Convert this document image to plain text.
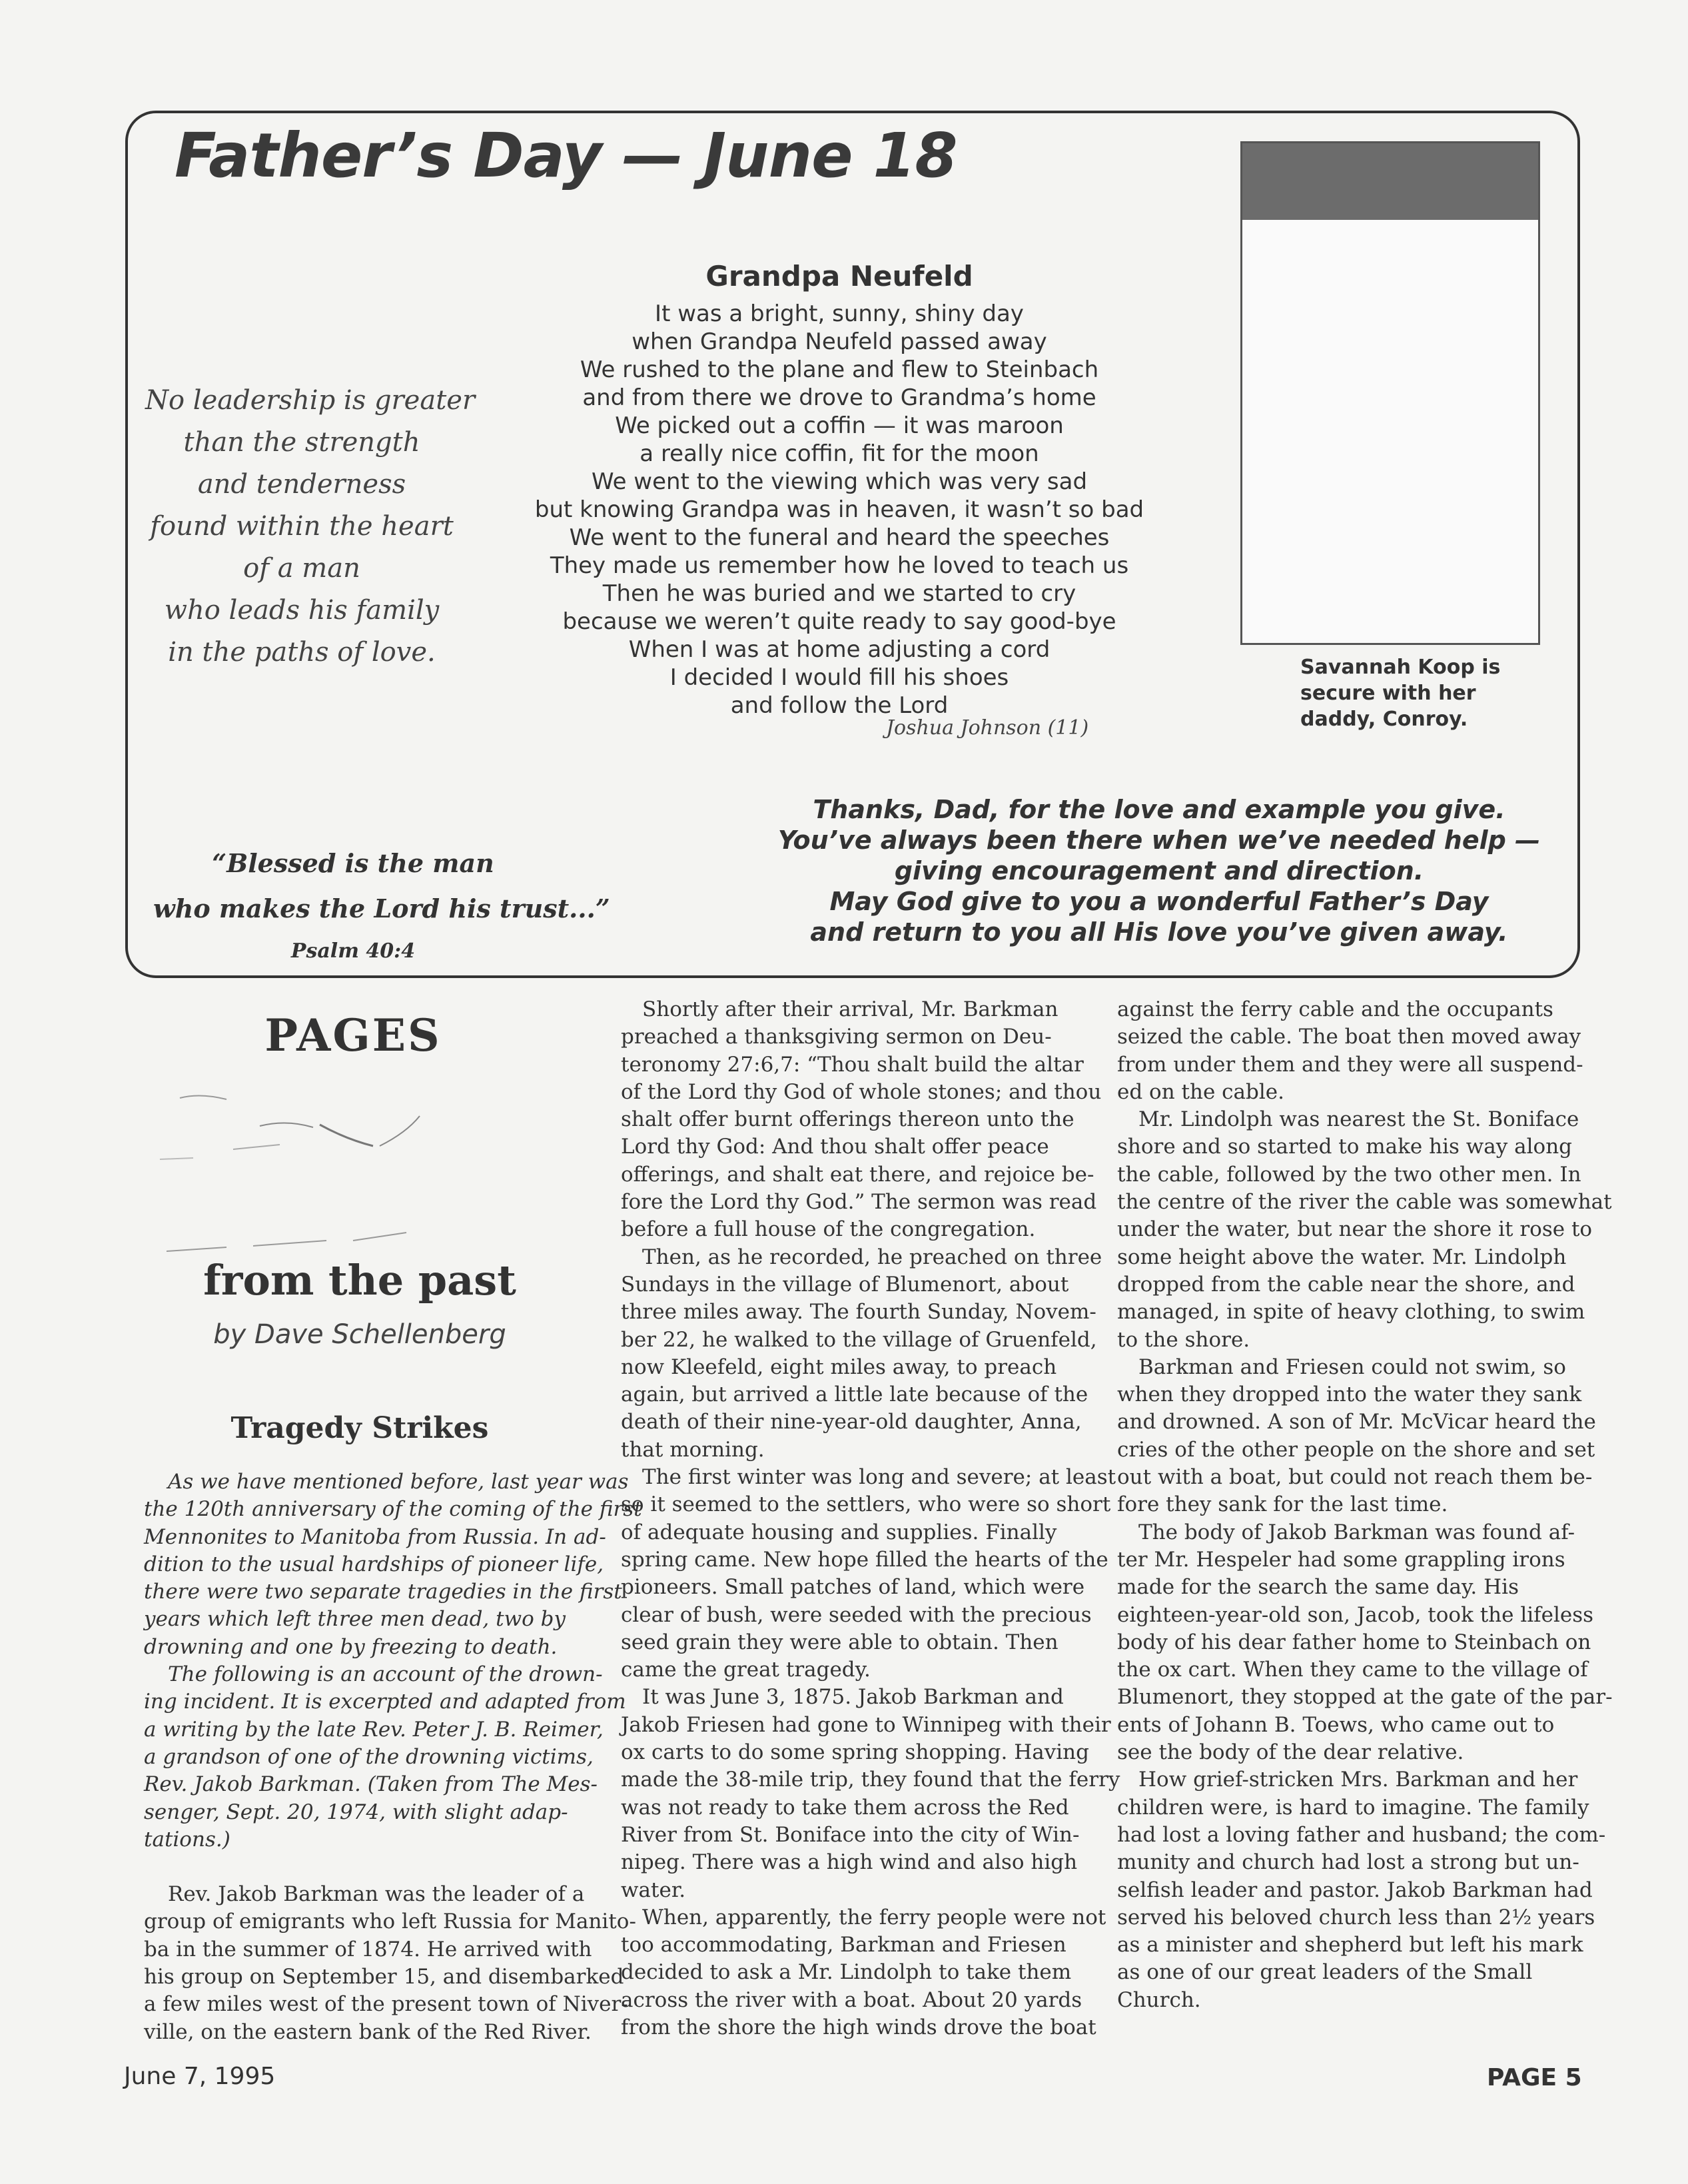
Father’s Day — June 18
No leadership is greater
than the strength
and tenderness
found within the heart
of a man
who leads his family
in the paths of love.
Grandpa Neufeld
It was a bright, sunny, shiny day
when Grandpa Neufeld passed away
We rushed to the plane and flew to Steinbach
and from there we drove to Grandma’s home
We picked out a coffin — it was maroon
a really nice coffin, fit for the moon
We went to the viewing which was very sad
but knowing Grandpa was in heaven, it wasn’t so bad
We went to the funeral and heard the speeches
They made us remember how he loved to teach us
Then he was buried and we started to cry
because we weren’t quite ready to say good-bye
When I was at home adjusting a cord
I decided I would fill his shoes
and follow the Lord
Joshua Johnson (11)
Savannah Koop is
secure with her
daddy, Conroy.
“Blessed is the man
who makes the Lord his trust...”
Psalm 40:4
Thanks, Dad, for the love and example you give.
You’ve always been there when we’ve needed help —
giving encouragement and direction.
May God give to you a wonderful Father’s Day
and return to you all His love you’ve given away.
PAGES
from the past
by Dave Schellenberg
Tragedy Strikes
As we have mentioned before, last year was
the 120th anniversary of the coming of the first
Mennonites to Manitoba from Russia. In ad-
dition to the usual hardships of pioneer life,
there were two separate tragedies in the first
years which left three men dead, two by
drowning and one by freezing to death.
The following is an account of the drown-
ing incident. It is excerpted and adapted from
a writing by the late Rev. Peter J. B. Reimer,
a grandson of one of the drowning victims,
Rev. Jakob Barkman. (Taken from The Mes-
senger, Sept. 20, 1974, with slight adap-
tations.)
Rev. Jakob Barkman was the leader of a
group of emigrants who left Russia for Manito-
ba in the summer of 1874. He arrived with
his group on September 15, and disembarked
a few miles west of the present town of Niver-
ville, on the eastern bank of the Red River.
Shortly after their arrival, Mr. Barkman
preached a thanksgiving sermon on Deu-
teronomy 27:6,7: “Thou shalt build the altar
of the Lord thy God of whole stones; and thou
shalt offer burnt offerings thereon unto the
Lord thy God: And thou shalt offer peace
offerings, and shalt eat there, and rejoice be-
fore the Lord thy God.” The sermon was read
before a full house of the congregation.
Then, as he recorded, he preached on three
Sundays in the village of Blumenort, about
three miles away. The fourth Sunday, Novem-
ber 22, he walked to the village of Gruenfeld,
now Kleefeld, eight miles away, to preach
again, but arrived a little late because of the
death of their nine-year-old daughter, Anna,
that morning.
The first winter was long and severe; at least
so it seemed to the settlers, who were so short
of adequate housing and supplies. Finally
spring came. New hope filled the hearts of the
pioneers. Small patches of land, which were
clear of bush, were seeded with the precious
seed grain they were able to obtain. Then
came the great tragedy.
It was June 3, 1875. Jakob Barkman and
Jakob Friesen had gone to Winnipeg with their
ox carts to do some spring shopping. Having
made the 38-mile trip, they found that the ferry
was not ready to take them across the Red
River from St. Boniface into the city of Win-
nipeg. There was a high wind and also high
water.
When, apparently, the ferry people were not
too accommodating, Barkman and Friesen
decided to ask a Mr. Lindolph to take them
across the river with a boat. About 20 yards
from the shore the high winds drove the boat
against the ferry cable and the occupants
seized the cable. The boat then moved away
from under them and they were all suspend-
ed on the cable.
Mr. Lindolph was nearest the St. Boniface
shore and so started to make his way along
the cable, followed by the two other men. In
the centre of the river the cable was somewhat
under the water, but near the shore it rose to
some height above the water. Mr. Lindolph
dropped from the cable near the shore, and
managed, in spite of heavy clothing, to swim
to the shore.
Barkman and Friesen could not swim, so
when they dropped into the water they sank
and drowned. A son of Mr. McVicar heard the
cries of the other people on the shore and set
out with a boat, but could not reach them be-
fore they sank for the last time.
The body of Jakob Barkman was found af-
ter Mr. Hespeler had some grappling irons
made for the search the same day. His
eighteen-year-old son, Jacob, took the lifeless
body of his dear father home to Steinbach on
the ox cart. When they came to the village of
Blumenort, they stopped at the gate of the par-
ents of Johann B. Toews, who came out to
see the body of the dear relative.
How grief-stricken Mrs. Barkman and her
children were, is hard to imagine. The family
had lost a loving father and husband; the com-
munity and church had lost a strong but un-
selfish leader and pastor. Jakob Barkman had
served his beloved church less than 2½ years
as a minister and shepherd but left his mark
as one of our great leaders of the Small
Church.
June 7, 1995	PAGE 5
